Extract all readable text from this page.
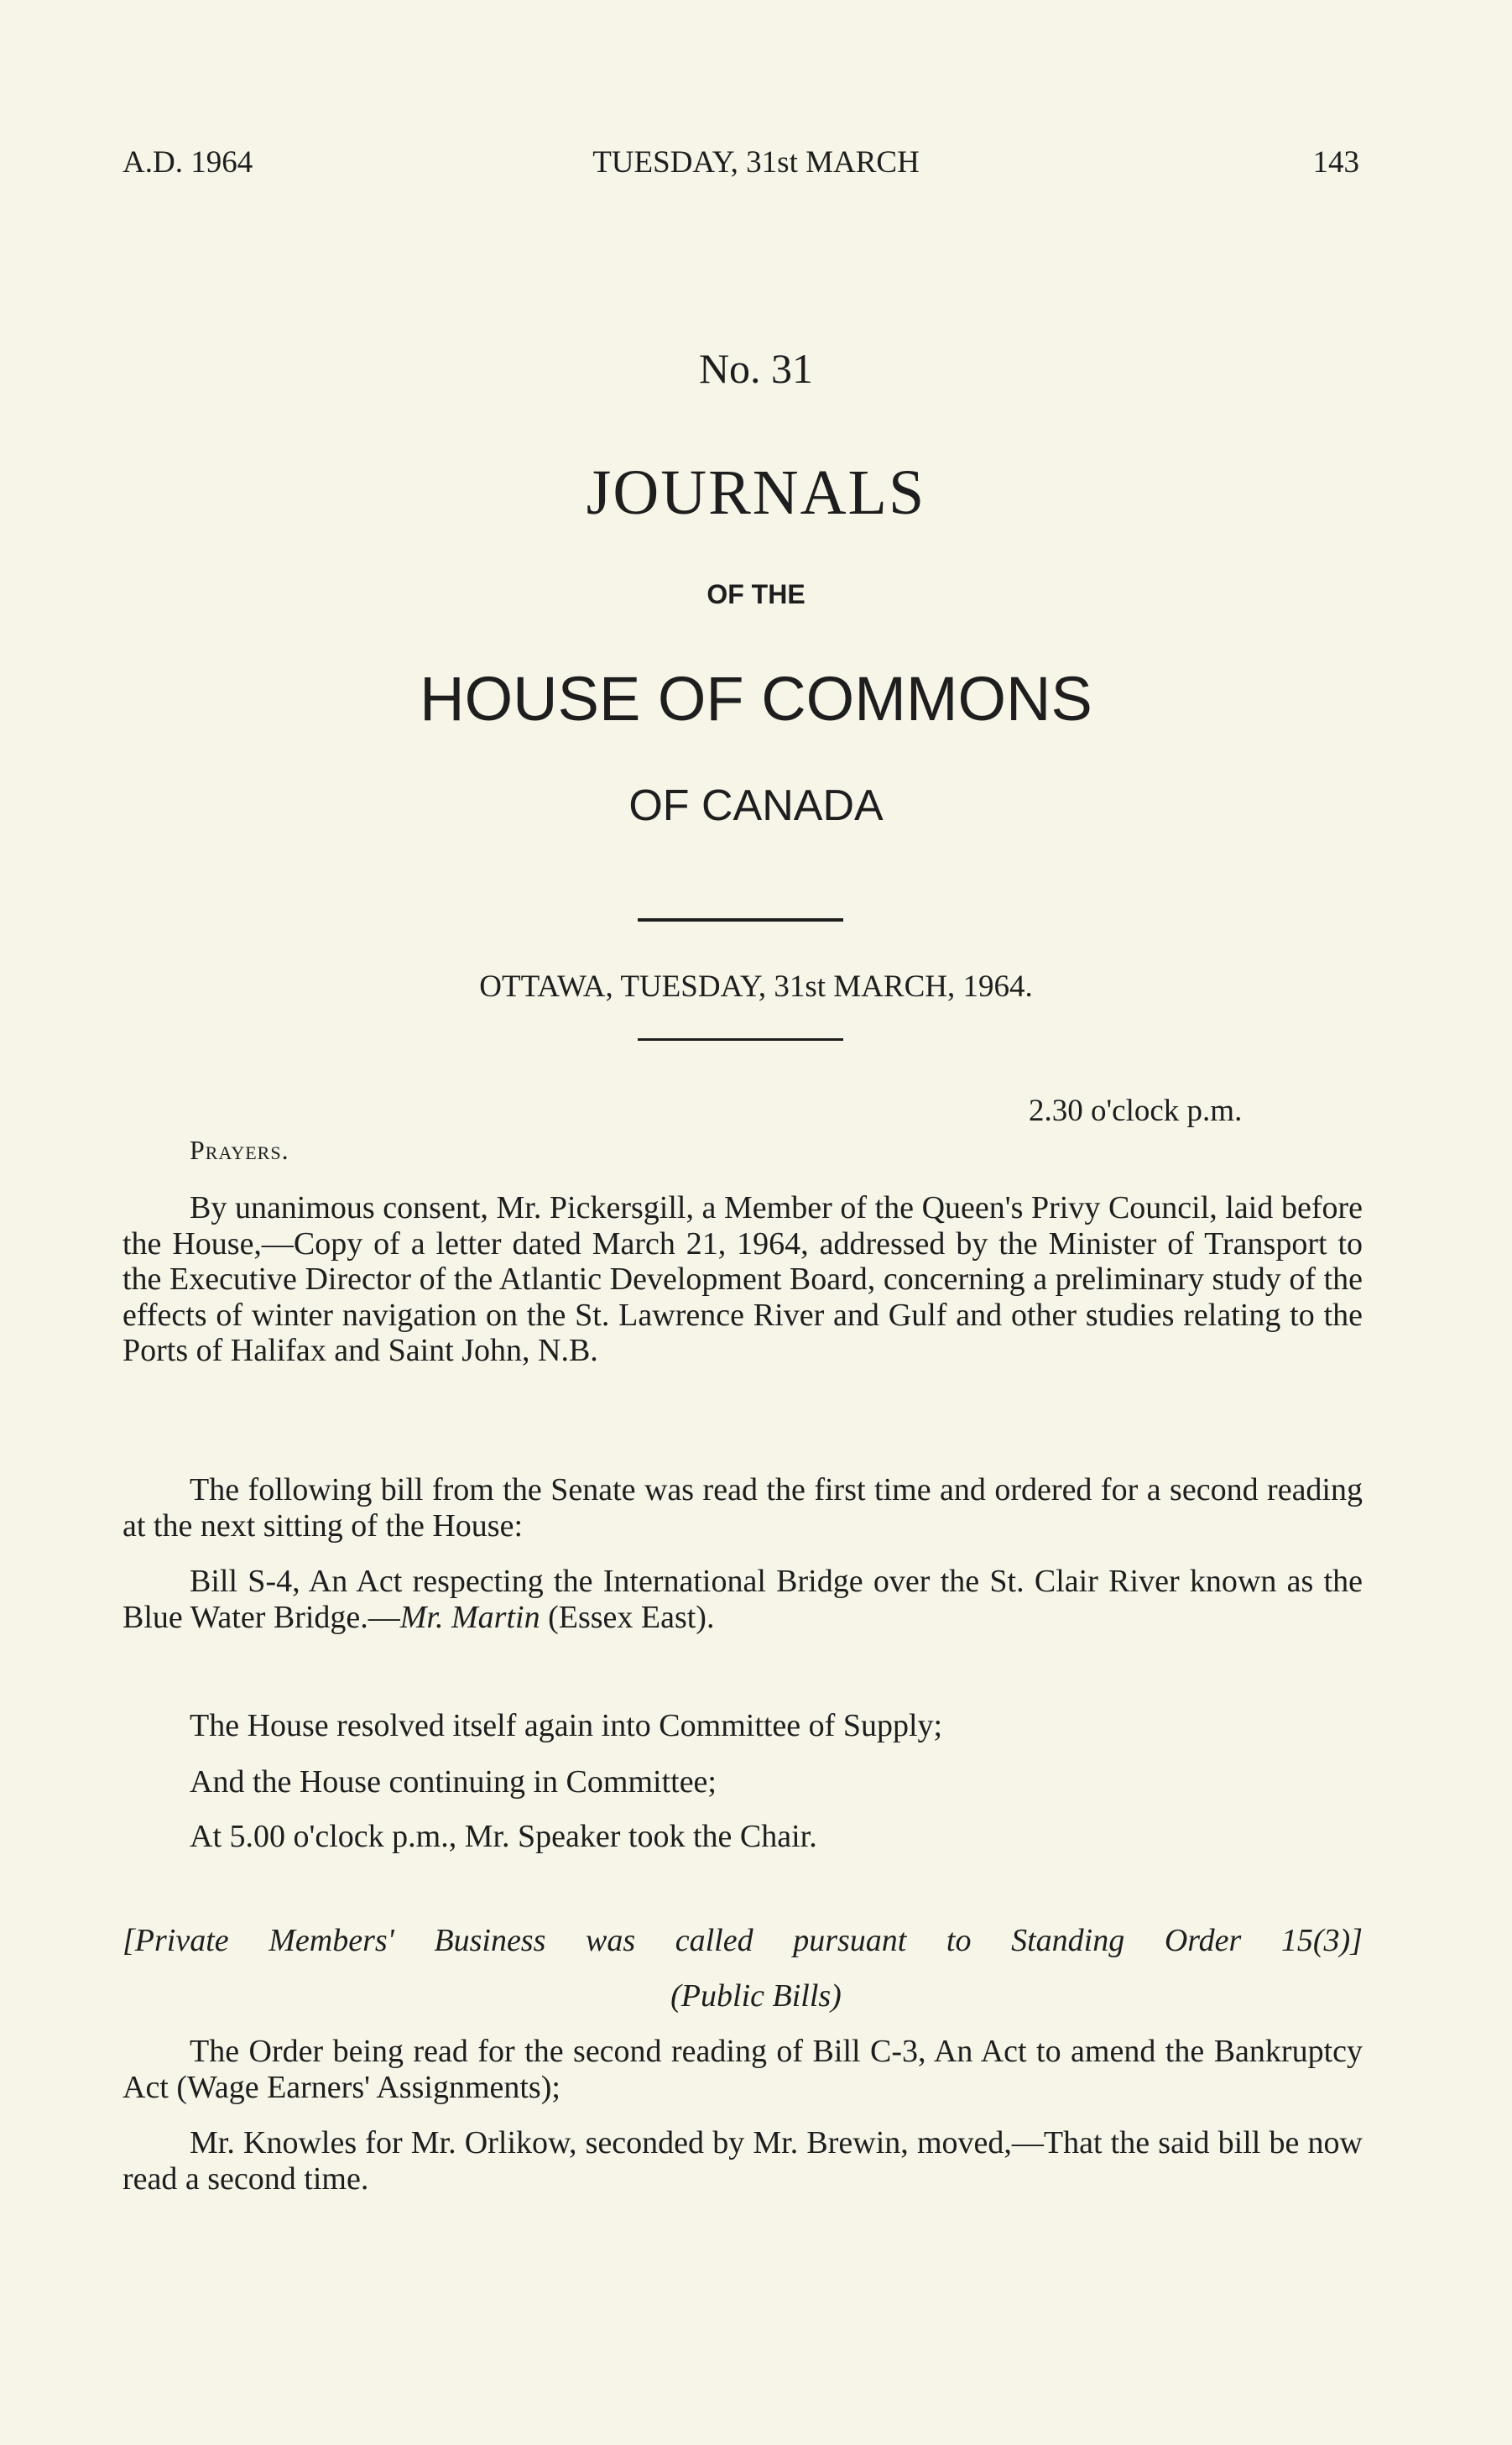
A.D. 1964	TUESDAY, 31st MARCH	143
No. 31
JOURNALS
OF THE
HOUSE OF COMMONS
OF CANADA
OTTAWA, TUESDAY, 31st MARCH, 1964.
2.30 o'clock p.m.
Prayers.
By unanimous consent, Mr. Pickersgill, a Member of the Queen's Privy Council, laid before the House,—Copy of a letter dated March 21, 1964, addressed by the Minister of Transport to the Executive Director of the Atlantic Development Board, concerning a preliminary study of the effects of winter navigation on the St. Lawrence River and Gulf and other studies relating to the Ports of Halifax and Saint John, N.B.
The following bill from the Senate was read the first time and ordered for a second reading at the next sitting of the House:
Bill S-4, An Act respecting the International Bridge over the St. Clair River known as the Blue Water Bridge.—Mr. Martin (Essex East).
The House resolved itself again into Committee of Supply;
And the House continuing in Committee;
At 5.00 o'clock p.m., Mr. Speaker took the Chair.
[Private Members' Business was called pursuant to Standing Order 15(3)]
(Public Bills)
The Order being read for the second reading of Bill C-3, An Act to amend the Bankruptcy Act (Wage Earners' Assignments);
Mr. Knowles for Mr. Orlikow, seconded by Mr. Brewin, moved,—That the said bill be now read a second time.
